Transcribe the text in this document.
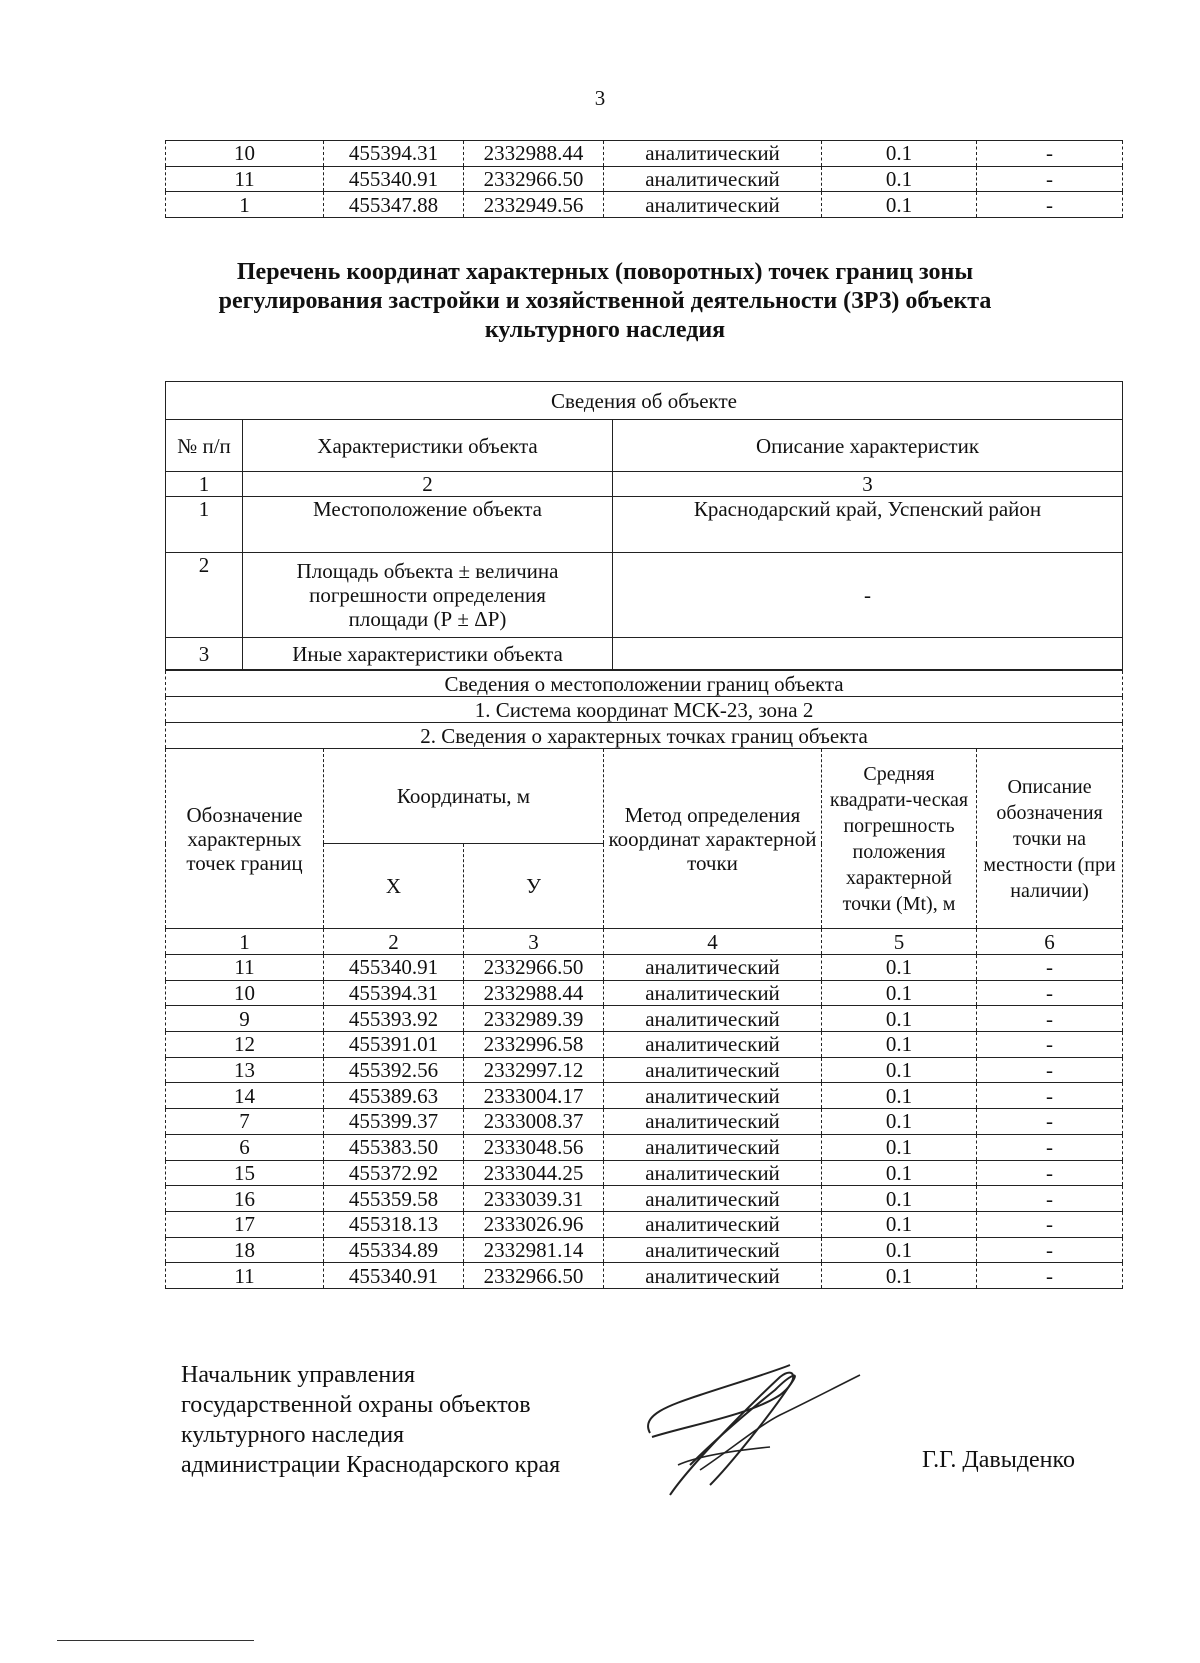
3
10	455394.31	2332988.44	аналитический	0.1	-
11	455340.91	2332966.50	аналитический	0.1	-
1	455347.88	2332949.56	аналитический	0.1	-
Перечень координат характерных (поворотных) точек границ зоны
регулирования застройки и хозяйственной деятельности (ЗРЗ) объекта
культурного наследия
Сведения об объекте		
№ п/п	Характеристики объекта	Описание характеристик
1	2	3
1	Местоположение объекта	Краснодарский край, Успенский район
2	Площадь объекта ± величина погрешности определения площади (Р ± ΔР)	-
3	Иные характеристики объекта	
Сведения о местоположении границ объекта					
1. Система координат МСК-23, зона 2					
2. Сведения о характерных точках границ объекта					
Обозначение характерных точек границ	Координаты, м		Метод определения координат характерной точки	Средняя квадрати-ческая погрешность положения характерной точки (Мt), м	Описание обозначения точки на местности (при наличии)
	X	У			
1	2	3	4	5	6
11	455340.91	2332966.50	аналитический	0.1	-
10	455394.31	2332988.44	аналитический	0.1	-
9	455393.92	2332989.39	аналитический	0.1	-
12	455391.01	2332996.58	аналитический	0.1	-
13	455392.56	2332997.12	аналитический	0.1	-
14	455389.63	2333004.17	аналитический	0.1	-
7	455399.37	2333008.37	аналитический	0.1	-
6	455383.50	2333048.56	аналитический	0.1	-
15	455372.92	2333044.25	аналитический	0.1	-
16	455359.58	2333039.31	аналитический	0.1	-
17	455318.13	2333026.96	аналитический	0.1	-
18	455334.89	2332981.14	аналитический	0.1	-
11	455340.91	2332966.50	аналитический	0.1	-
Начальник управления
государственной охраны объектов
культурного наследия
администрации Краснодарского края	Г.Г. Давыденко
